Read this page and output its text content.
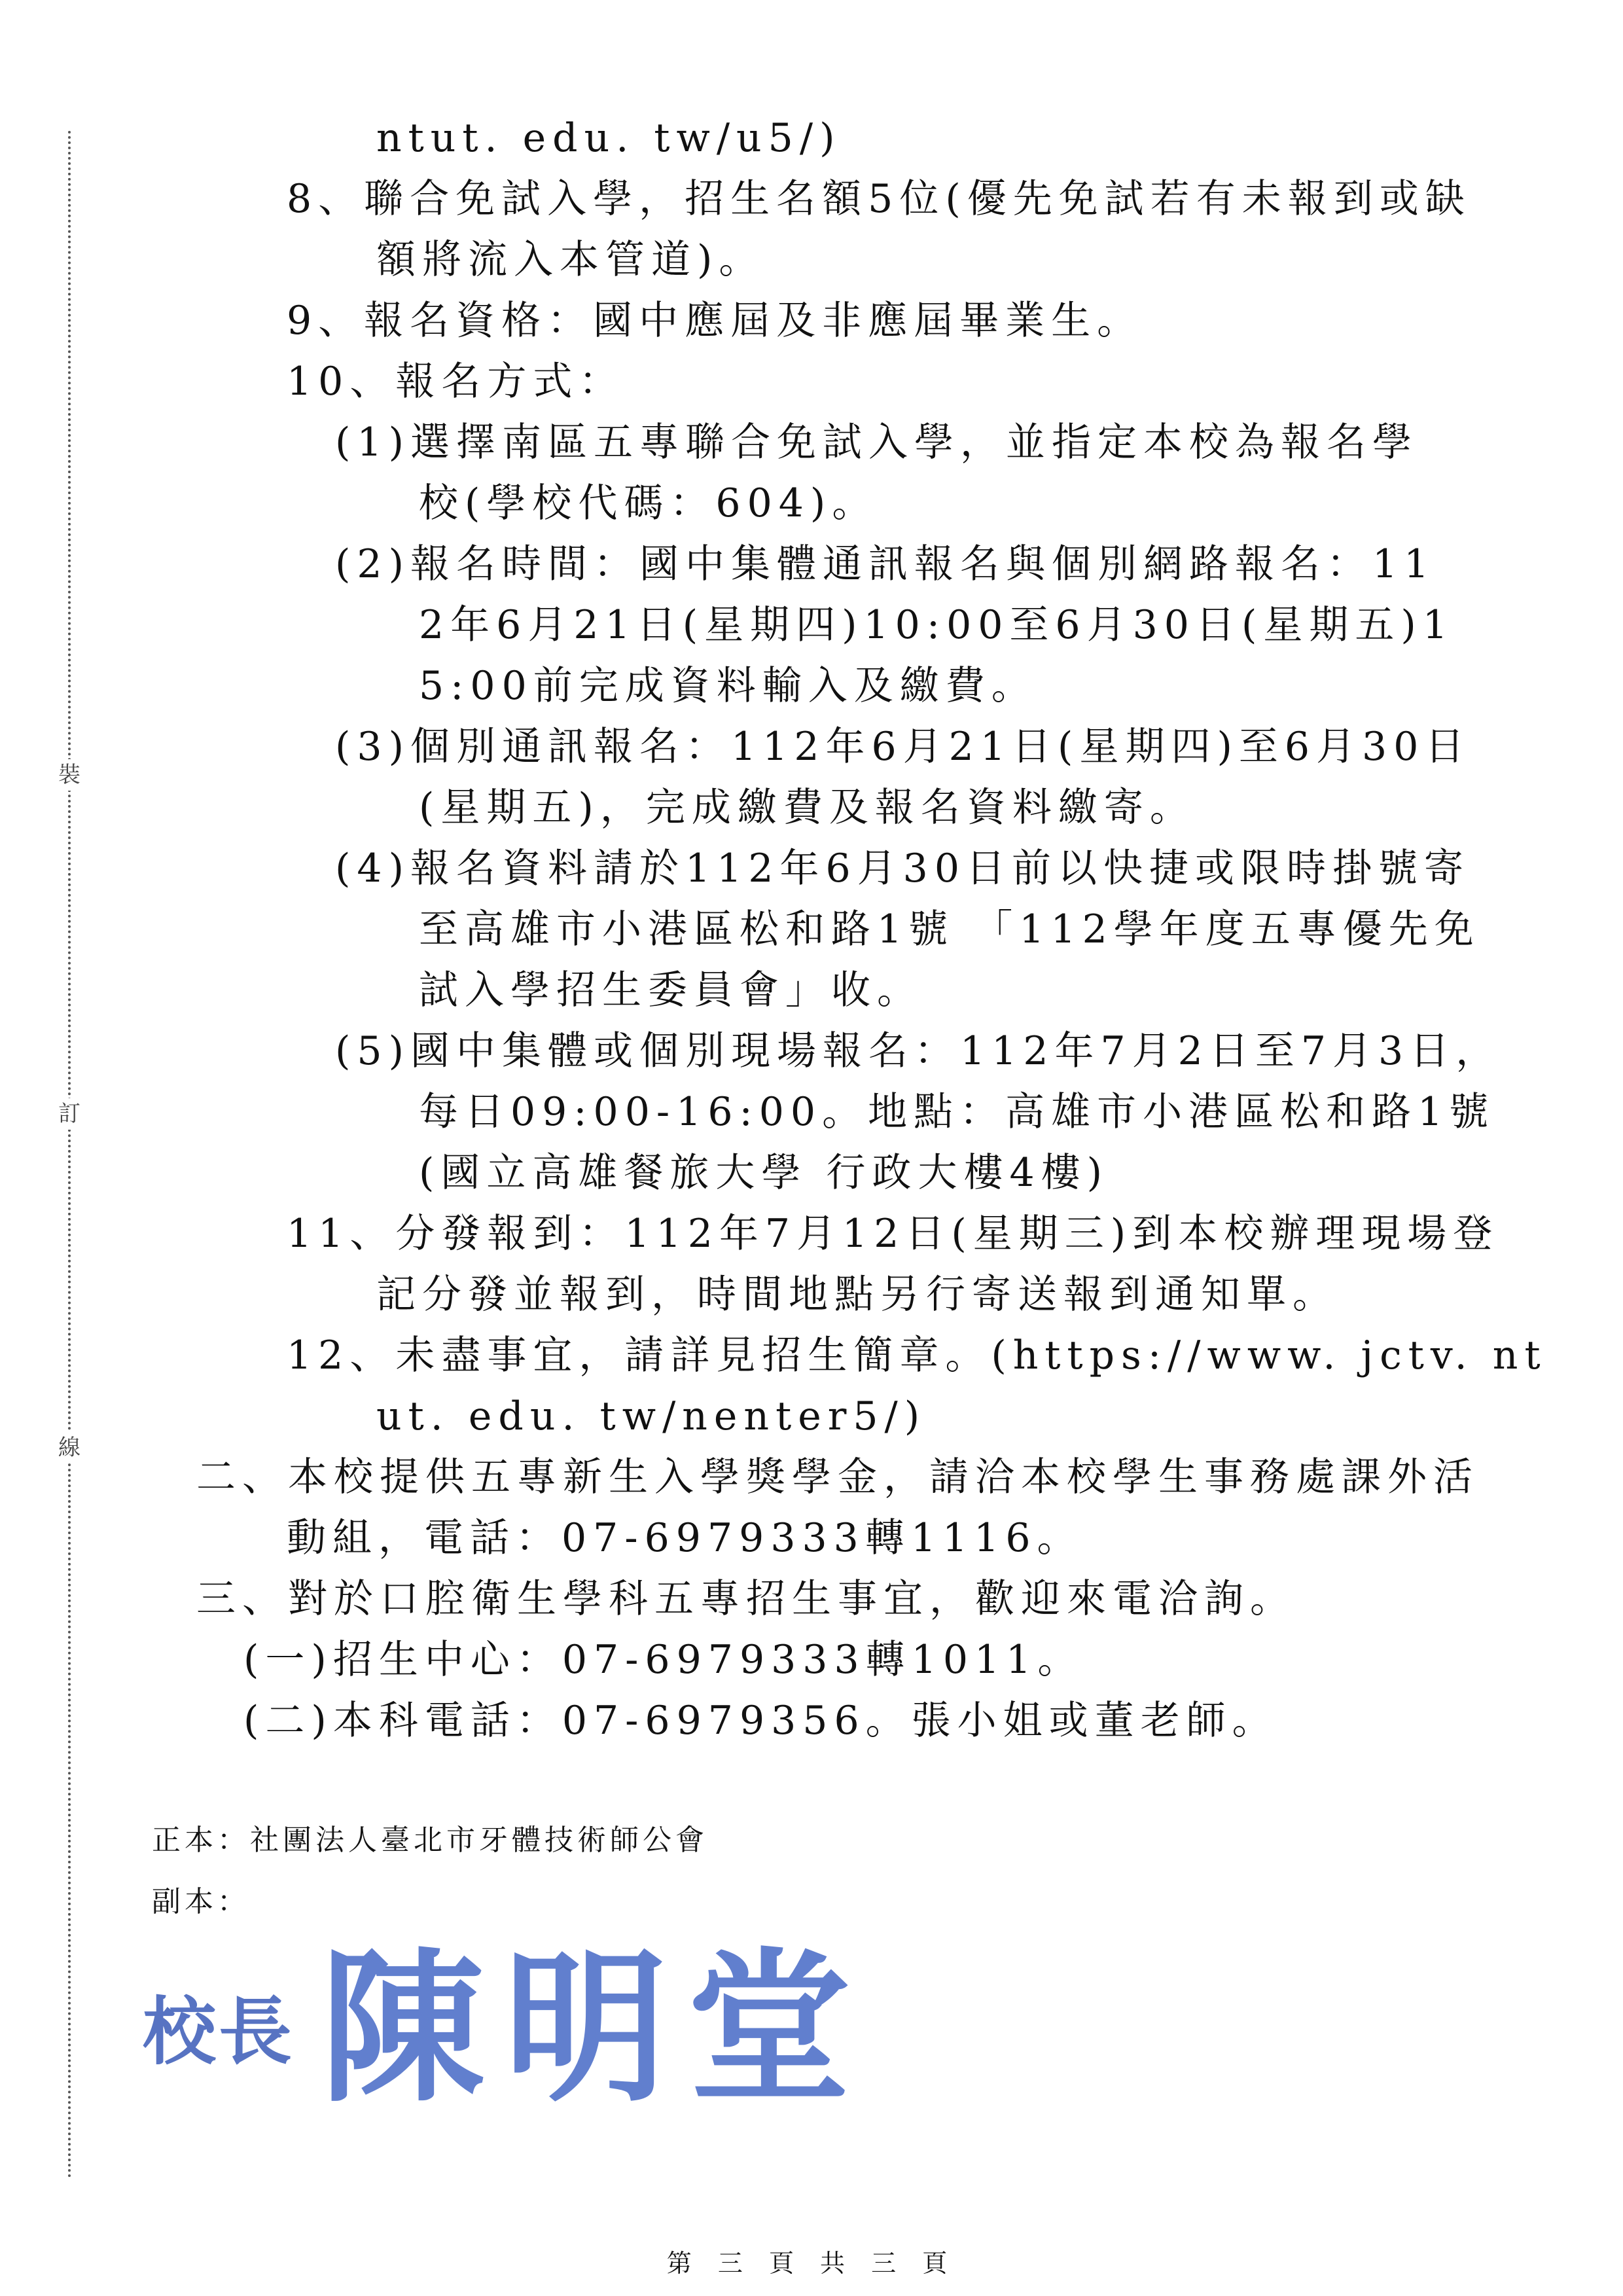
裝
訂
線
ntut. edu. tw/u5/)
8、聯合免試入學，招生名額5位(優先免試若有未報到或缺
額將流入本管道)。
9、報名資格：國中應屆及非應屆畢業生。
10、報名方式：
(1)選擇南區五專聯合免試入學，並指定本校為報名學
校(學校代碼：604)。
(2)報名時間：國中集體通訊報名與個別網路報名：11
2年6月21日(星期四)10:00至6月30日(星期五)1
5:00前完成資料輸入及繳費。
(3)個別通訊報名：112年6月21日(星期四)至6月30日
(星期五)，完成繳費及報名資料繳寄。
(4)報名資料請於112年6月30日前以快捷或限時掛號寄
至高雄市小港區松和路1號 「112學年度五專優先免
試入學招生委員會」收。
(5)國中集體或個別現場報名：112年7月2日至7月3日，
每日09:00-16:00。地點：高雄市小港區松和路1號
(國立高雄餐旅大學 行政大樓4樓)
11、分發報到：112年7月12日(星期三)到本校辦理現場登
記分發並報到，時間地點另行寄送報到通知單。
12、未盡事宜，請詳見招生簡章。(https://www. jctv. nt
ut. edu. tw/nenter5/)
二、本校提供五專新生入學獎學金，請洽本校學生事務處課外活
動組，電話：07-6979333轉1116。
三、對於口腔衛生學科五專招生事宜，歡迎來電洽詢。
(一)招生中心：07-6979333轉1011。
(二)本科電話：07-6979356。張小姐或董老師。
正本：社團法人臺北市牙體技術師公會
副本：
校長 陳明堂
第 三 頁 共 三 頁
